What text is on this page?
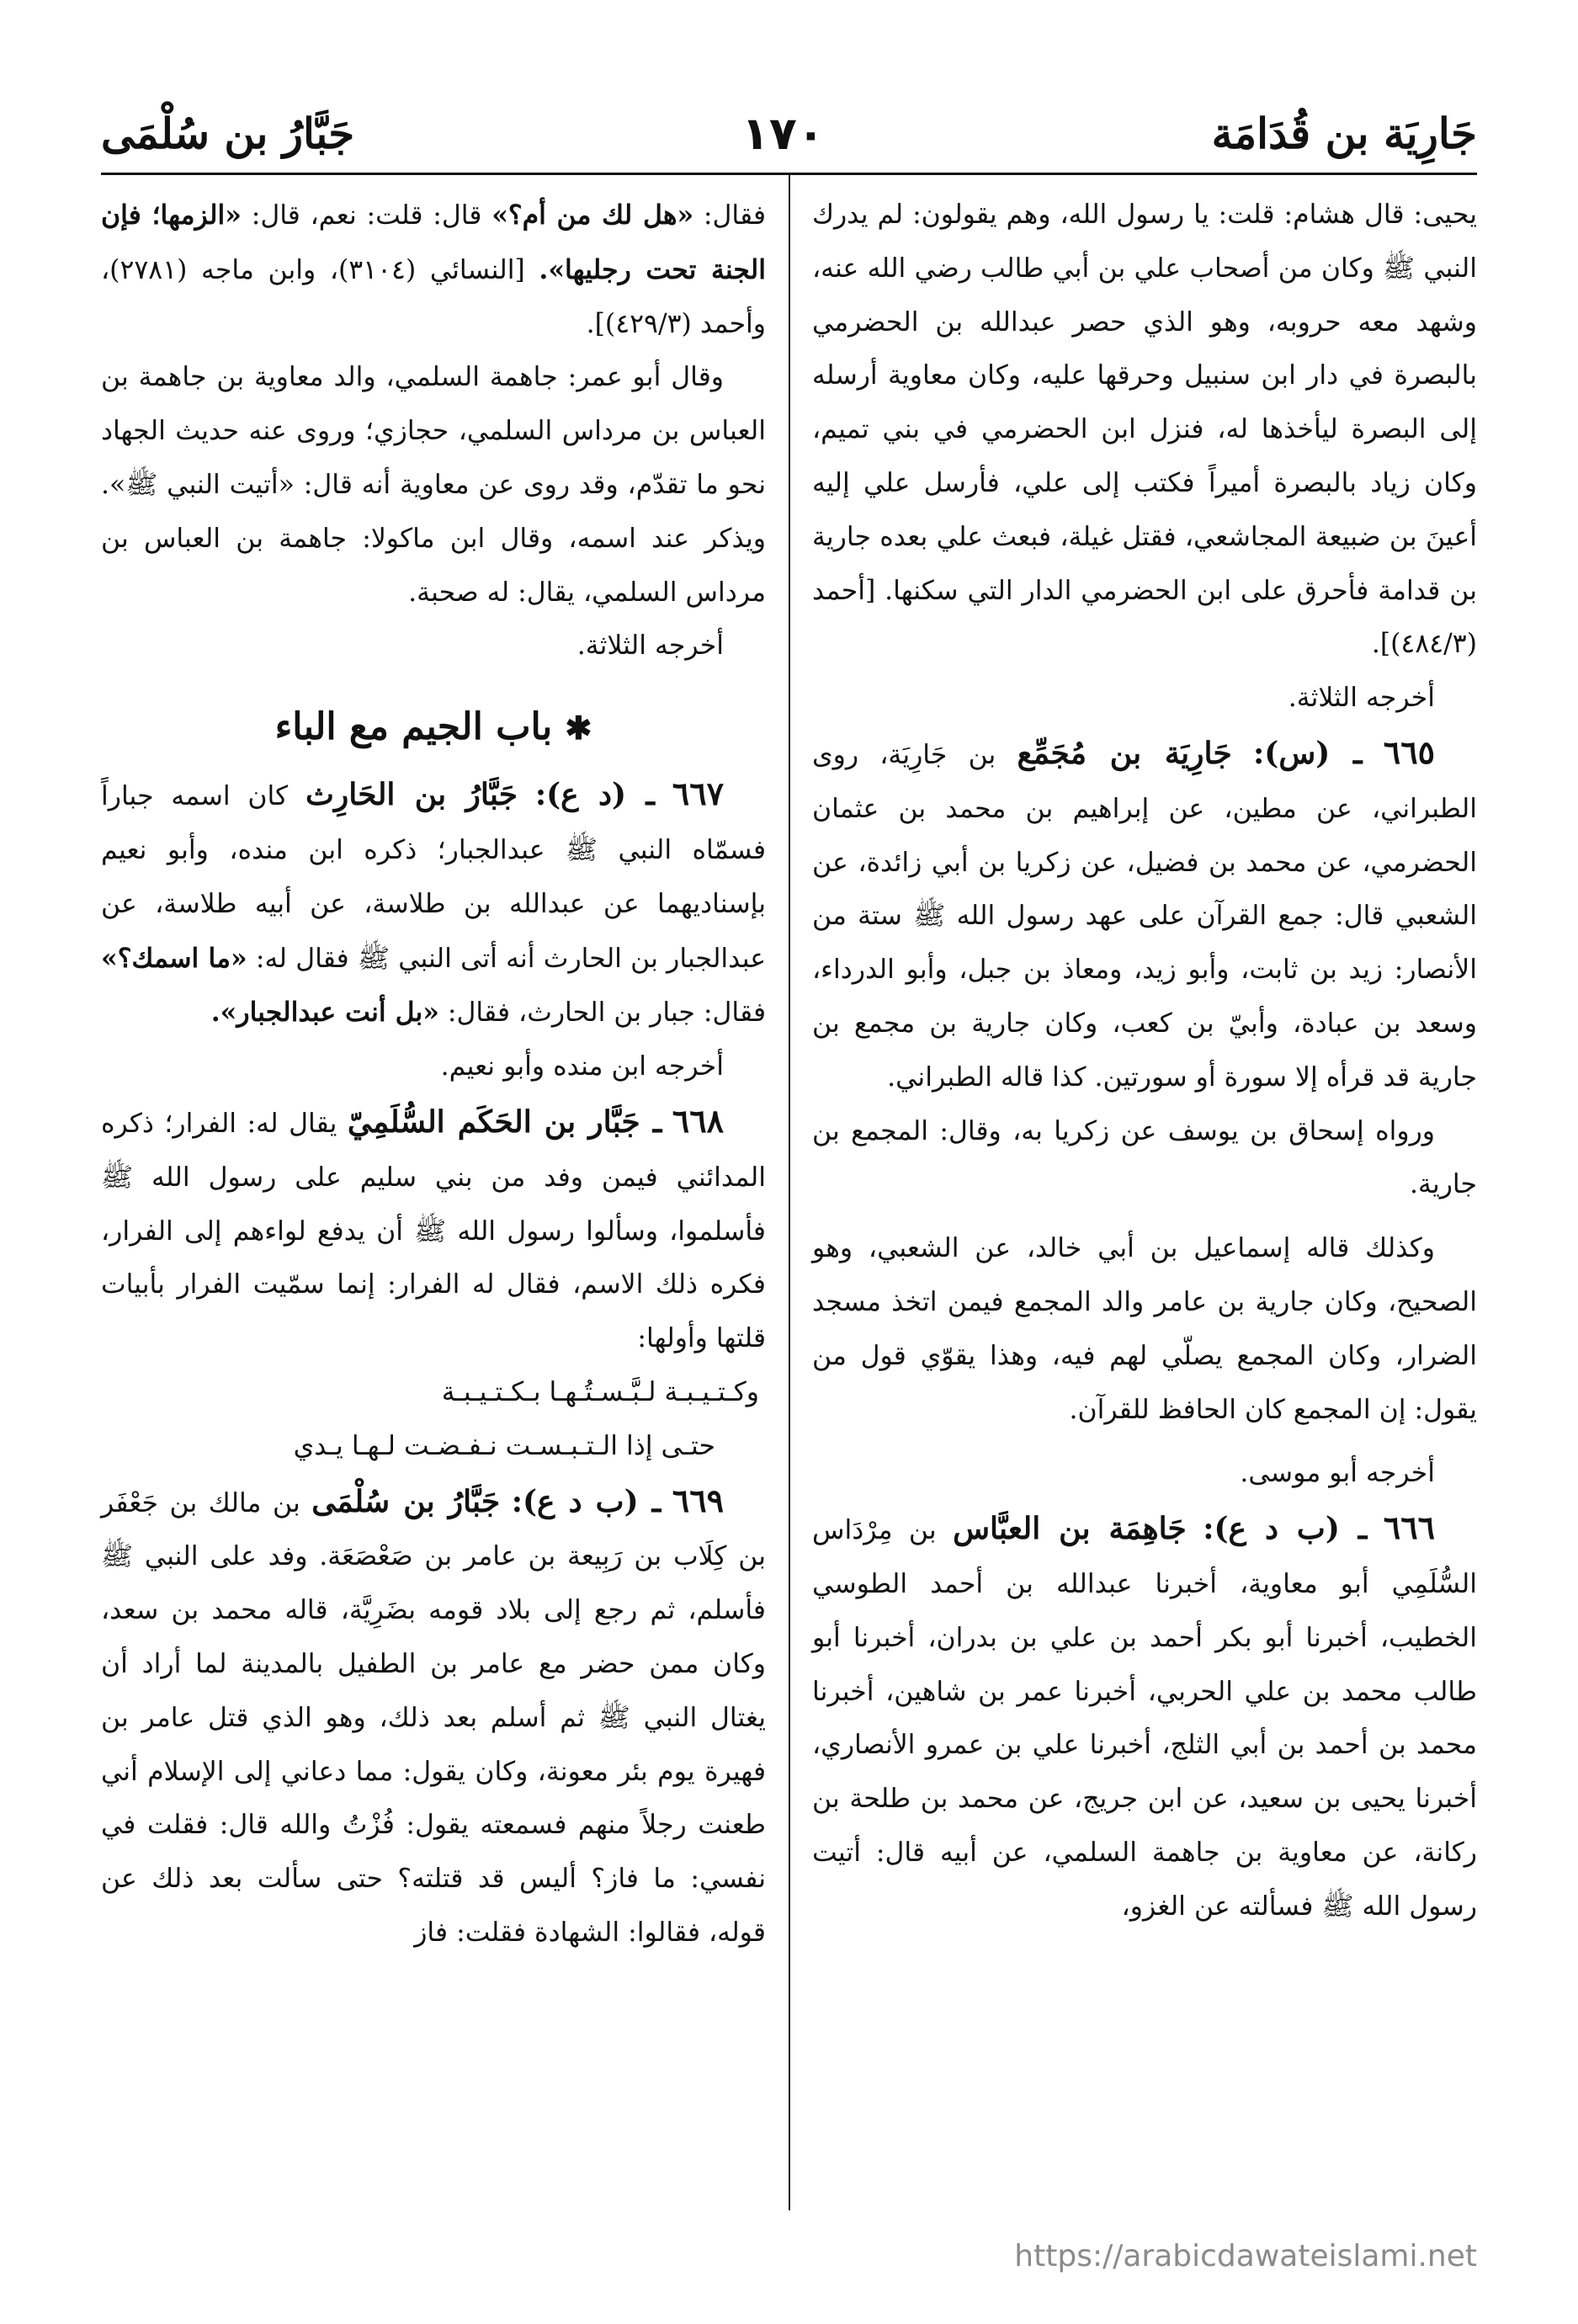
جَارِيَة بن قُدَامَة
١٧٠
جَبَّارُ بن سُلْمَى

يحيى: قال هشام: قلت: يا رسول الله، وهم يقولون: لم يدرك النبي ﷺ وكان من أصحاب علي بن أبي طالب رضي الله عنه، وشهد معه حروبه، وهو الذي حصر عبدالله بن الحضرمي بالبصرة في دار ابن سنبيل وحرقها عليه، وكان معاوية أرسله إلى البصرة ليأخذها له، فنزل ابن الحضرمي في بني تميم، وكان زياد بالبصرة أميراً فكتب إلى علي، فأرسل علي إليه أعينَ بن ضبيعة المجاشعي، فقتل غيلة، فبعث علي بعده جارية بن قدامة فأحرق على ابن الحضرمي الدار التي سكنها. [أحمد (٤٨٤/٣)].

أخرجه الثلاثة.

٦٦٥ ـ (س): جَارِيَة بن مُجَمِّع بن جَارِيَة، روى الطبراني، عن مطين، عن إبراهيم بن محمد بن عثمان الحضرمي، عن محمد بن فضيل، عن زكريا بن أبي زائدة، عن الشعبي قال: جمع القرآن على عهد رسول الله ﷺ ستة من الأنصار: زيد بن ثابت، وأبو زيد، ومعاذ بن جبل، وأبو الدرداء، وسعد بن عبادة، وأبيّ بن كعب، وكان جارية بن مجمع بن جارية قد قرأه إلا سورة أو سورتين. كذا قاله الطبراني.

ورواه إسحاق بن يوسف عن زكريا به، وقال: المجمع بن جارية.

وكذلك قاله إسماعيل بن أبي خالد، عن الشعبي، وهو الصحيح، وكان جارية بن عامر والد المجمع فيمن اتخذ مسجد الضرار، وكان المجمع يصلّي لهم فيه، وهذا يقوّي قول من يقول: إن المجمع كان الحافظ للقرآن.

أخرجه أبو موسى.

٦٦٦ ـ (ب د ع): جَاهِمَة بن العبَّاس بن مِرْدَاس السُّلَمِي أبو معاوية، أخبرنا عبدالله بن أحمد الطوسي الخطيب، أخبرنا أبو بكر أحمد بن علي بن بدران، أخبرنا أبو طالب محمد بن علي الحربي، أخبرنا عمر بن شاهين، أخبرنا محمد بن أحمد بن أبي الثلج، أخبرنا علي بن عمرو الأنصاري، أخبرنا يحيى بن سعيد، عن ابن جريج، عن محمد بن طلحة بن ركانة، عن معاوية بن جاهمة السلمي، عن أبيه قال: أتيت رسول الله ﷺ فسألته عن الغزو،

فقال: «هل لك من أم؟» قال: قلت: نعم، قال: «الزمها؛ فإن الجنة تحت رجليها». [النسائي (٣١٠٤)، وابن ماجه (٢٧٨١)، وأحمد (٤٢٩/٣)].

وقال أبو عمر: جاهمة السلمي، والد معاوية بن جاهمة بن العباس بن مرداس السلمي، حجازي؛ وروى عنه حديث الجهاد نحو ما تقدّم، وقد روى عن معاوية أنه قال: «أتيت النبي ﷺ». ويذكر عند اسمه، وقال ابن ماكولا: جاهمة بن العباس بن مرداس السلمي، يقال: له صحبة.

أخرجه الثلاثة.

✱ باب الجيم مع الباء

٦٦٧ ـ (د ع): جَبَّارُ بن الحَارِث كان اسمه جباراً فسمّاه النبي ﷺ عبدالجبار؛ ذكره ابن منده، وأبو نعيم بإسناديهما عن عبدالله بن طلاسة، عن أبيه طلاسة، عن عبدالجبار بن الحارث أنه أتى النبي ﷺ فقال له: «ما اسمك؟» فقال: جبار بن الحارث، فقال: «بل أنت عبدالجبار».

أخرجه ابن منده وأبو نعيم.

٦٦٨ ـ جَبَّار بن الحَكَم السُّلَمِيّ يقال له: الفرار؛ ذكره المدائني فيمن وفد من بني سليم على رسول الله ﷺ فأسلموا، وسألوا رسول الله ﷺ أن يدفع لواءهم إلى الفرار، فكره ذلك الاسم، فقال له الفرار: إنما سمّيت الفرار بأبيات قلتها وأولها:

وكـتـيـبـة لـبَّـسـتُـهـا بـكـتـيـبـة
حتـى إذا الـتـبـسـت نـفـضـت لـهـا يـدي

٦٦٩ ـ (ب د ع): جَبَّارُ بن سُلْمَى بن مالك بن جَعْفَر بن كِلَاب بن رَبِيعة بن عامر بن صَعْصَعَة. وفد على النبي ﷺ فأسلم، ثم رجع إلى بلاد قومه بضَرِيَّة، قاله محمد بن سعد، وكان ممن حضر مع عامر بن الطفيل بالمدينة لما أراد أن يغتال النبي ﷺ ثم أسلم بعد ذلك، وهو الذي قتل عامر بن فهيرة يوم بئر معونة، وكان يقول: مما دعاني إلى الإسلام أني طعنت رجلاً منهم فسمعته يقول: فُزْتُ والله قال: فقلت في نفسي: ما فاز؟ أليس قد قتلته؟ حتى سألت بعد ذلك عن قوله، فقالوا: الشهادة فقلت: فاز

https://arabicdawateislami.net
